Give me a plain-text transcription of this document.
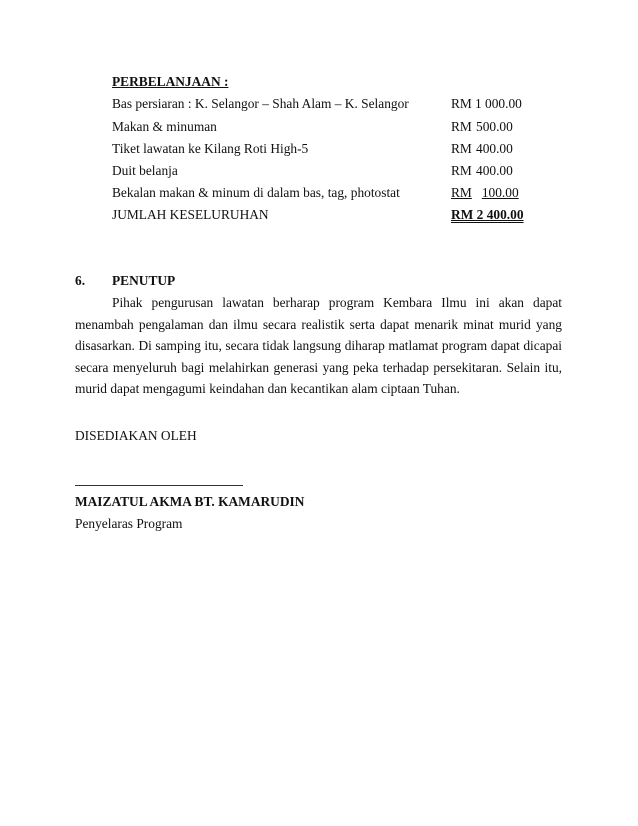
PERBELANJAAN :
Bas persiaran : K. Selangor – Shah Alam – K. Selangor	RM 1 000.00
Makan & minuman	RM 500.00
Tiket lawatan ke Kilang Roti High-5	RM 400.00
Duit belanja	RM 400.00
Bekalan makan & minum di dalam bas, tag, photostat	RM 100.00
JUMLAH KESELURUHAN	RM 2 400.00
6. PENUTUP
Pihak pengurusan lawatan berharap program Kembara Ilmu ini akan dapat
menambah pengalaman dan ilmu secara realistik serta dapat menarik minat murid yang
disasarkan. Di samping itu, secara tidak langsung diharap matlamat program dapat dicapai
secara menyeluruh bagi melahirkan generasi yang peka terhadap persekitaran. Selain itu,
murid dapat mengagumi keindahan dan kecantikan alam ciptaan Tuhan.
DISEDIAKAN OLEH
MAIZATUL AKMA BT. KAMARUDIN
Penyelaras Program
